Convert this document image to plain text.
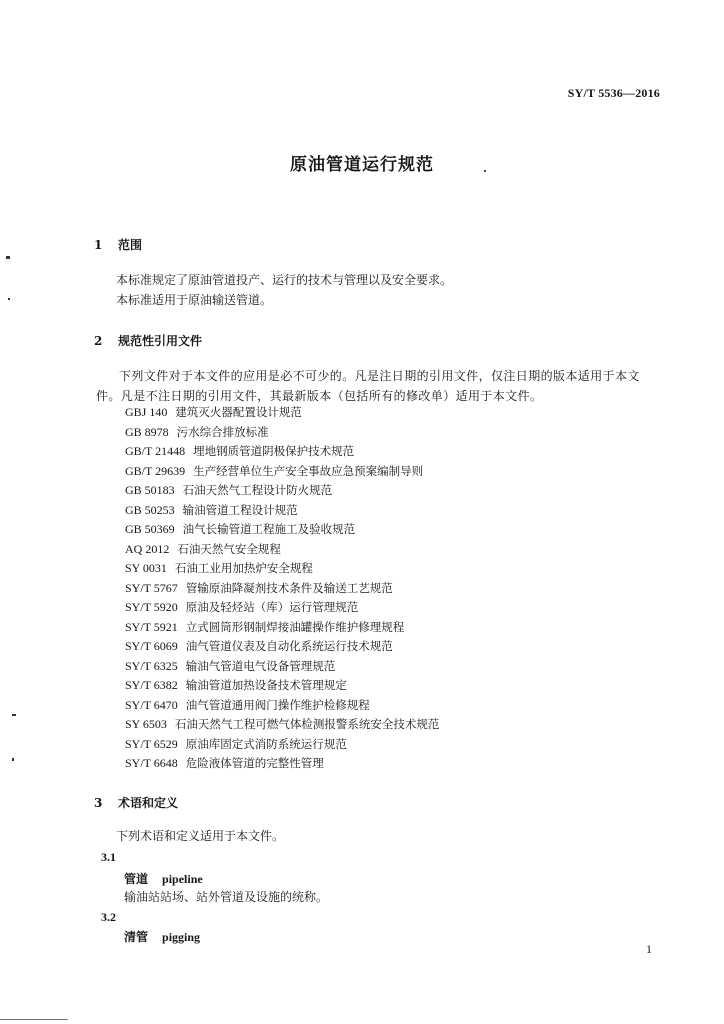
SY/T 5536—2016
原油管道运行规范
1 范围
本标准规定了原油管道投产、运行的技术与管理以及安全要求。
本标准适用于原油输送管道。
2 规范性引用文件
下列文件对于本文件的应用是必不可少的。凡是注日期的引用文件，仅注日期的版本适用于本文件。凡是不注日期的引用文件，其最新版本（包括所有的修改单）适用于本文件。
GBJ 140 建筑灭火器配置设计规范
GB 8978 污水综合排放标准
GB/T 21448 埋地钢质管道阴极保护技术规范
GB/T 29639 生产经营单位生产安全事故应急预案编制导则
GB 50183 石油天然气工程设计防火规范
GB 50253 输油管道工程设计规范
GB 50369 油气长输管道工程施工及验收规范
AQ 2012 石油天然气安全规程
SY 0031 石油工业用加热炉安全规程
SY/T 5767 管输原油降凝剂技术条件及输送工艺规范
SY/T 5920 原油及轻烃站（库）运行管理规范
SY/T 5921 立式圆筒形钢制焊接油罐操作维护修理规程
SY/T 6069 油气管道仪表及自动化系统运行技术规范
SY/T 6325 输油气管道电气设备管理规范
SY/T 6382 输油管道加热设备技术管理规定
SY/T 6470 油气管道通用阀门操作维护检修规程
SY 6503 石油天然气工程可燃气体检测报警系统安全技术规范
SY/T 6529 原油库固定式消防系统运行规范
SY/T 6648 危险液体管道的完整性管理
3 术语和定义
下列术语和定义适用于本文件。
3.1
管道 pipeline
输油站站场、站外管道及设施的统称。
3.2
清管 pigging
1
